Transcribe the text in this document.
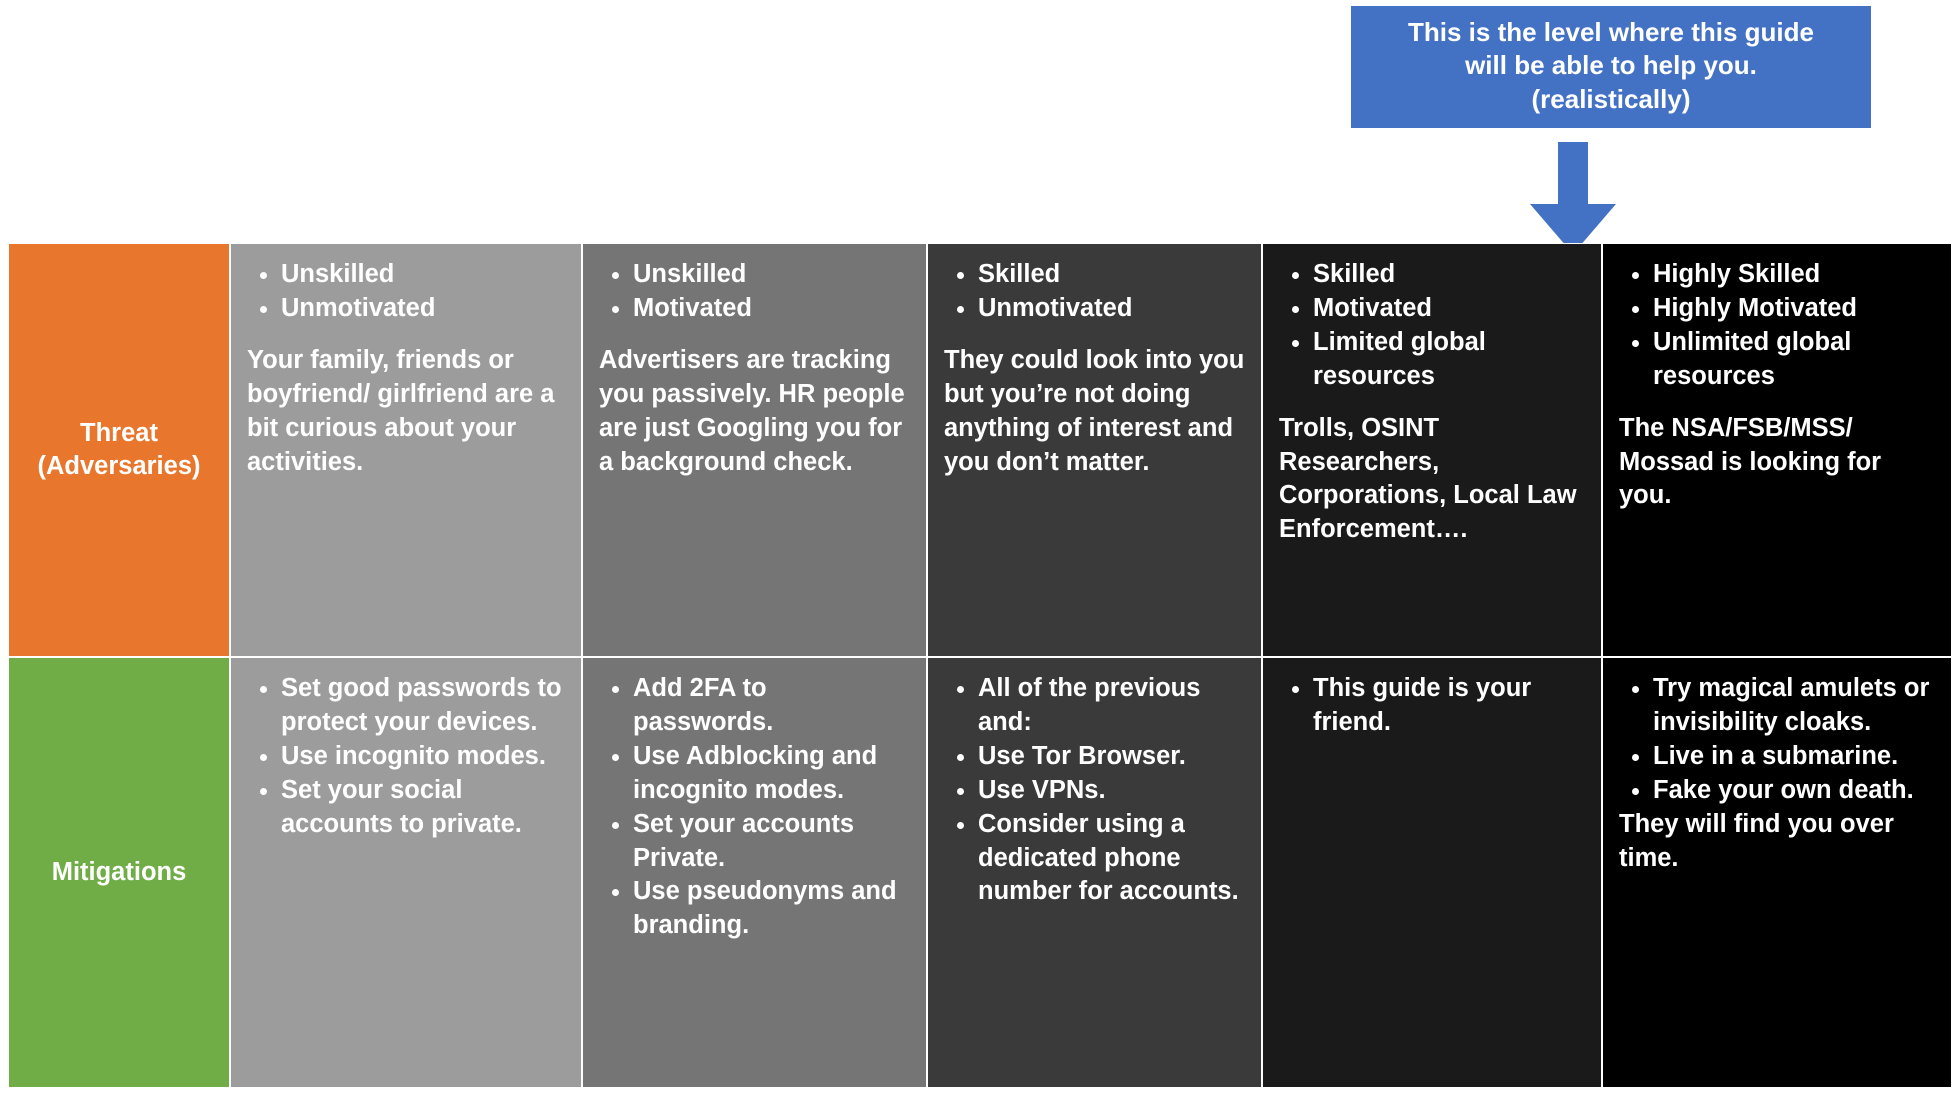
This is the level where this guide
will be able to help you.
(realistically)
Threat
(Adversaries)
• Unskilled
• Unmotivated
Your family, friends or boyfriend/ girlfriend are a bit curious about your activities.
• Unskilled
• Motivated
Advertisers are tracking you passively. HR people are just Googling you for a background check.
• Skilled
• Unmotivated
They could look into you but you’re not doing anything of interest and you don’t matter.
• Skilled
• Motivated
• Limited global resources
Trolls, OSINT Researchers, Corporations, Local Law Enforcement….
• Highly Skilled
• Highly Motivated
• Unlimited global resources
The NSA/FSB/MSS/ Mossad is looking for you.
Mitigations
• Set good passwords to protect your devices.
• Use incognito modes.
• Set your social accounts to private.
• Add 2FA to passwords.
• Use Adblocking and incognito modes.
• Set your accounts Private.
• Use pseudonyms and branding.
• All of the previous and:
• Use Tor Browser.
• Use VPNs.
• Consider using a dedicated phone number for accounts.
• This guide is your friend.
• Try magical amulets or invisibility cloaks.
• Live in a submarine.
• Fake your own death.
They will find you over time.
